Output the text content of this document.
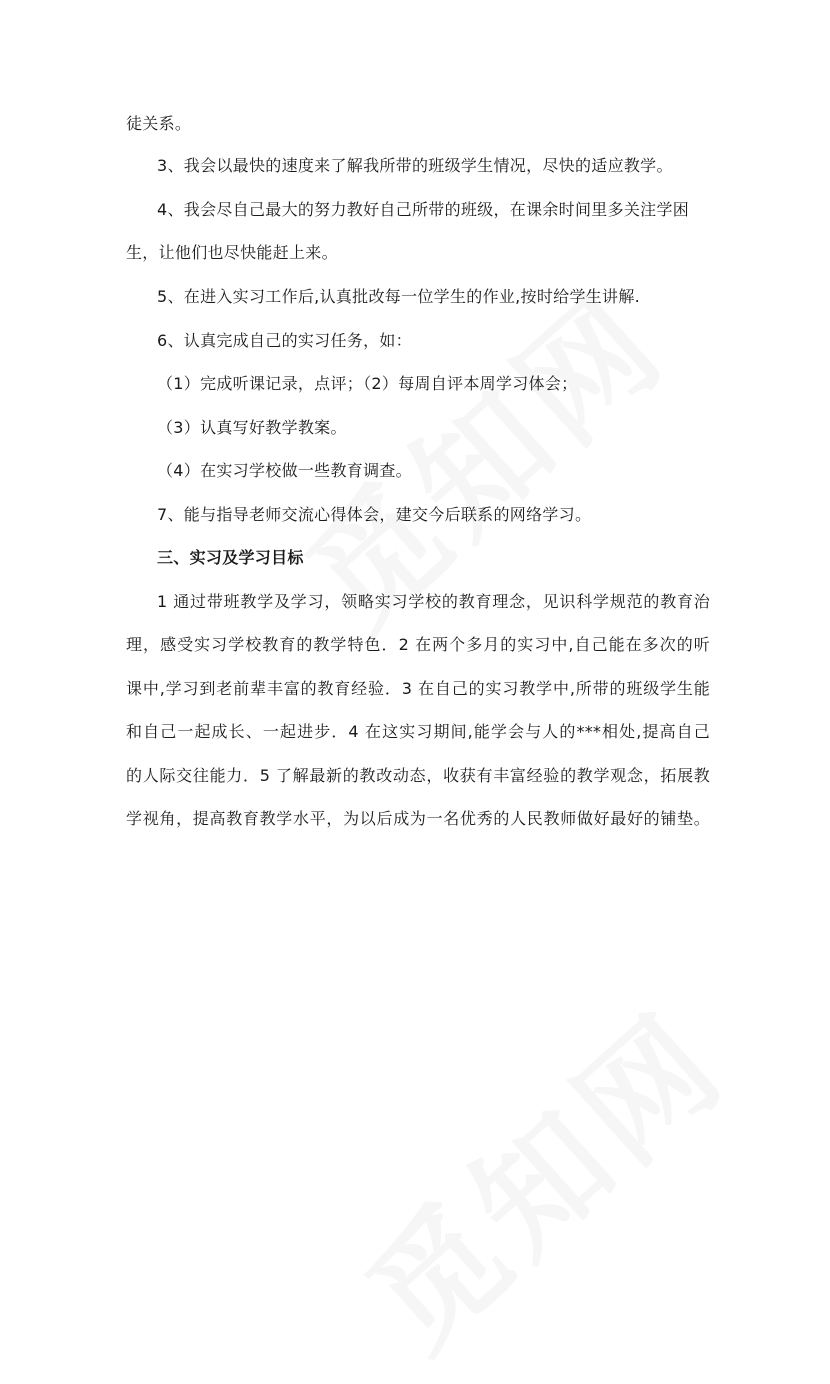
徒关系。
3、我会以最快的速度来了解我所带的班级学生情况，尽快的适应教学。
4、我会尽自己最大的努力教好自己所带的班级，在课余时间里多关注学困
生，让他们也尽快能赶上来。
5、在进入实习工作后,认真批改每一位学生的作业,按时给学生讲解.
6、认真完成自己的实习任务，如：
（1）完成听课记录，点评；（2）每周自评本周学习体会；
（3）认真写好教学教案。
（4）在实习学校做一些教育调查。
7、能与指导老师交流心得体会，建交今后联系的网络学习。
三、实习及学习目标
1 通过带班教学及学习，领略实习学校的教育理念，见识科学规范的教育治
理，感受实习学校教育的教学特色．2 在两个多月的实习中,自己能在多次的听
课中,学习到老前辈丰富的教育经验．3 在自己的实习教学中,所带的班级学生能
和自己一起成长、一起进步．4 在这实习期间,能学会与人的***相处,提高自己
的人际交往能力．5 了解最新的教改动态，收获有丰富经验的教学观念，拓展教
学视角，提高教育教学水平，为以后成为一名优秀的人民教师做好最好的铺垫。
